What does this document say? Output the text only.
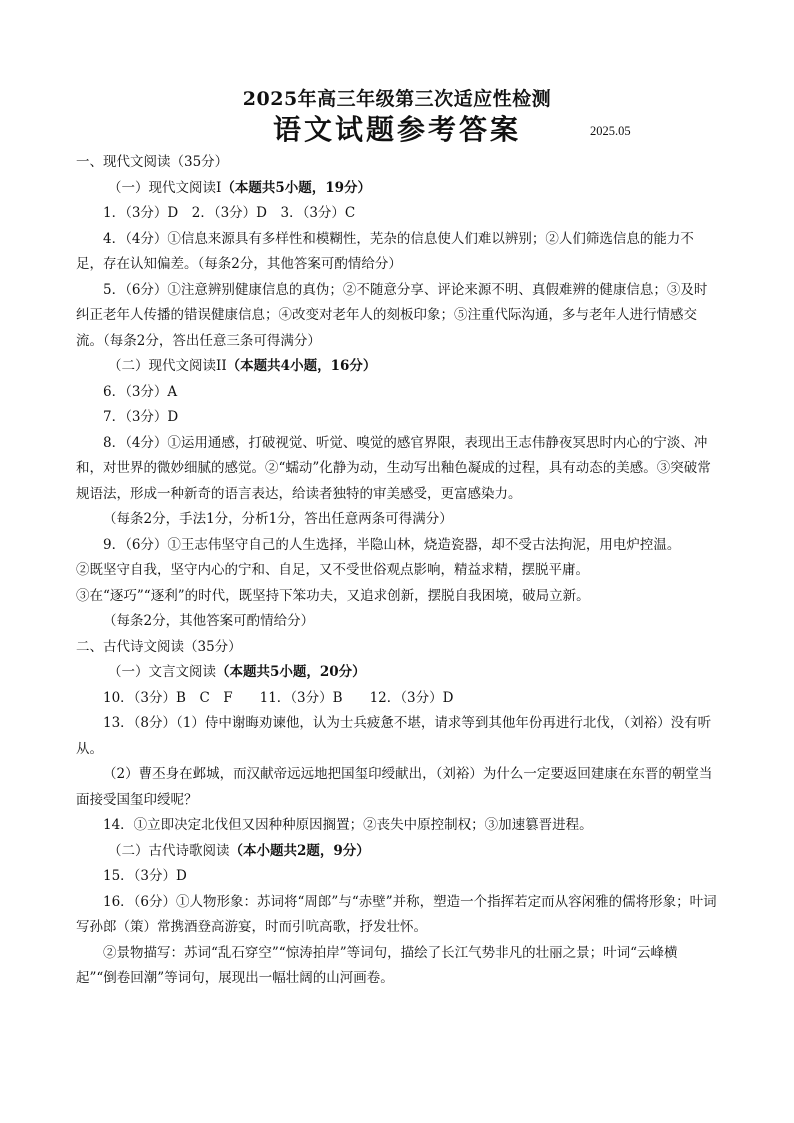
2025年高三年级第三次适应性检测
语文试题参考答案	2025.05

一、现代文阅读（35分）

（一）现代文阅读I（本题共5小题，19分）

1．（3分）D　2．（3分）D　3．（3分）C

4．（4分）①信息来源具有多样性和模糊性，芜杂的信息使人们难以辨别；②人们筛选信息的能力不足，存在认知偏差。（每条2分，其他答案可酌情给分）

5．（6分）①注意辨别健康信息的真伪；②不随意分享、评论来源不明、真假难辨的健康信息；③及时纠正老年人传播的错误健康信息；④改变对老年人的刻板印象；⑤注重代际沟通，多与老年人进行情感交流。（每条2分，答出任意三条可得满分）

（二）现代文阅读II（本题共4小题，16分）

6．（3分）A

7．（3分）D

8．（4分）①运用通感，打破视觉、听觉、嗅觉的感官界限，表现出王志伟静夜冥思时内心的宁淡、冲和，对世界的微妙细腻的感觉。②“蠕动”化静为动，生动写出釉色凝成的过程，具有动态的美感。③突破常规语法，形成一种新奇的语言表达，给读者独特的审美感受，更富感染力。

（每条2分，手法1分，分析1分，答出任意两条可得满分）

9．（6分）①王志伟坚守自己的人生选择，半隐山林，烧造瓷器，却不受古法拘泥，用电炉控温。

②既坚守自我，坚守内心的宁和、自足，又不受世俗观点影响，精益求精，摆脱平庸。

③在“逐巧”“逐利”的时代，既坚持下笨功夫，又追求创新，摆脱自我困境，破局立新。

（每条2分，其他答案可酌情给分）

二、古代诗文阅读（35分）

（一）文言文阅读（本题共5小题，20分）

10．（3分）B　C　F　　11．（3分）B　　12．（3分）D

13．（8分）（1）侍中谢晦劝谏他，认为士兵疲惫不堪，请求等到其他年份再进行北伐，（刘裕）没有听从。

（2）曹丕身在邺城，而汉献帝远远地把国玺印绶献出，（刘裕）为什么一定要返回建康在东晋的朝堂当面接受国玺印绶呢？

14．①立即决定北伐但又因种种原因搁置；②丧失中原控制权；③加速篡晋进程。

（二）古代诗歌阅读（本小题共2题，9分）

15．（3分）D

16．（6分）①人物形象：苏词将“周郎”与“赤壁”并称，塑造一个指挥若定而从容闲雅的儒将形象；叶词写孙郎（策）常携酒登高游宴，时而引吭高歌，抒发壮怀。

②景物描写：苏词“乱石穿空”“惊涛拍岸”等词句，描绘了长江气势非凡的壮丽之景；叶词“云峰横起”“倒卷回潮”等词句，展现出一幅壮阔的山河画卷。
